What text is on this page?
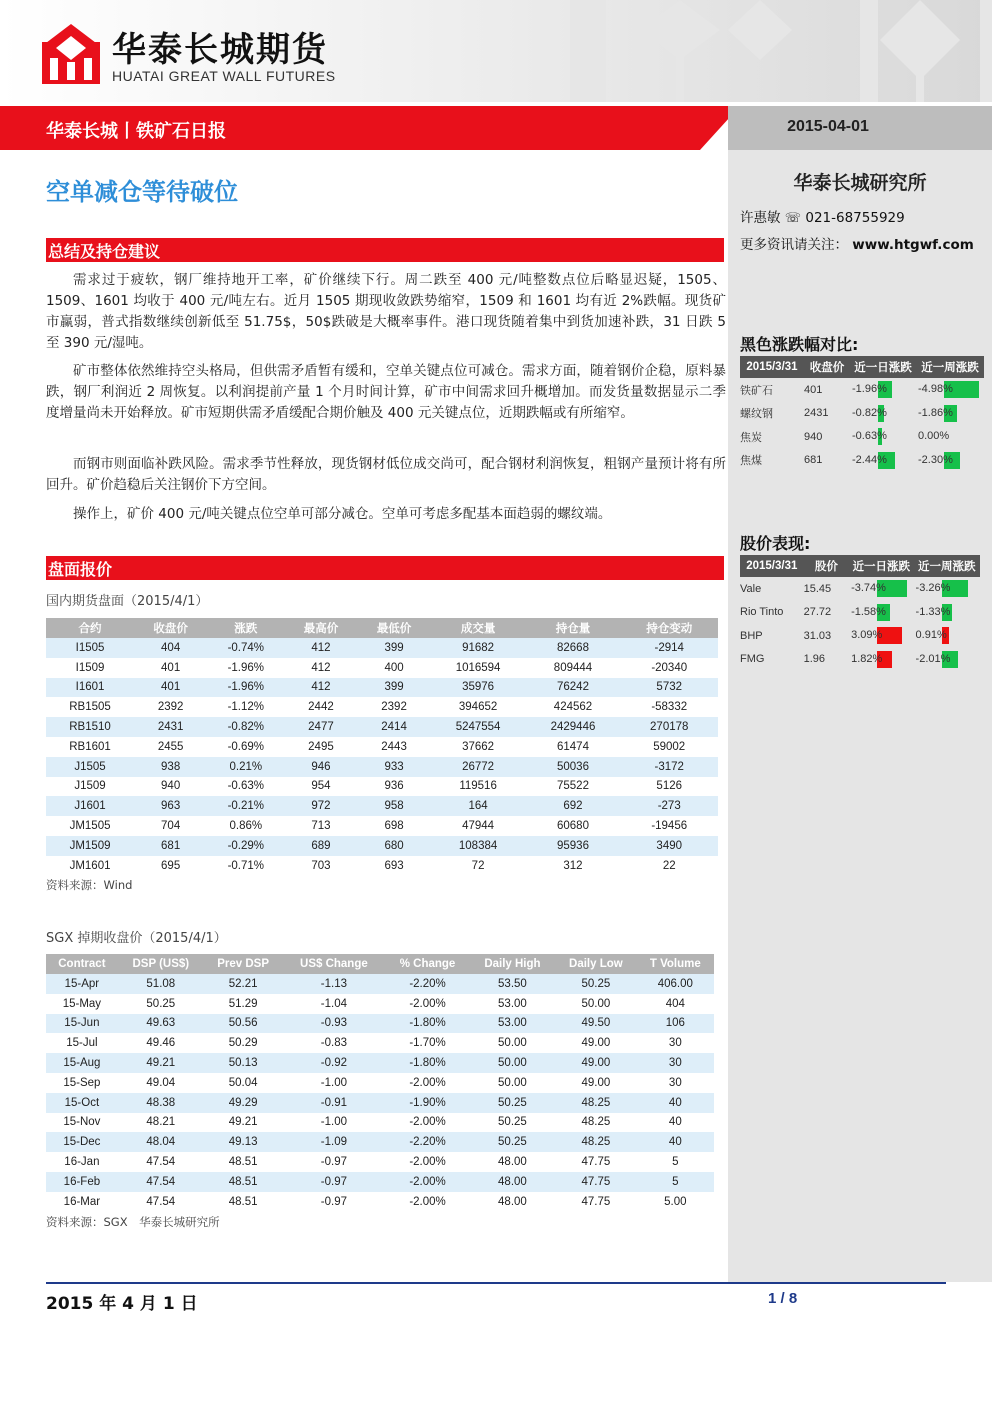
华泰长城期货
HUATAI GREAT WALL FUTURES
华泰长城丨铁矿石日报	2015-04-01
空单减仓等待破位
总结及持仓建议

需求过于疲软，钢厂维持地开工率，矿价继续下行。周二跌至 400 元/吨整数点位后略显迟疑，1505、1509、1601 均收于 400 元/吨左右。近月 1505 期现收敛跌势缩窄，1509 和 1601 均有近 2%跌幅。现货矿市赢弱，普式指数继续创新低至 51.75$，50$跌破是大概率事件。港口现货随着集中到货加速补跌，31 日跌 5 至 390 元/湿吨。

矿市整体依然维持空头格局，但供需矛盾暂有缓和，空单关键点位可减仓。需求方面，随着钢价企稳，原料暴跌，钢厂利润近 2 周恢复。以利润提前产量 1 个月时间计算，矿市中间需求回升概增加。而发货量数据显示二季度增量尚未开始释放。矿市短期供需矛盾缓配合期价触及 400 元关键点位，近期跌幅或有所缩窄。

而钢市则面临补跌风险。需求季节性释放，现货钢材低位成交尚可，配合钢材利润恢复，粗钢产量预计将有所回升。矿价趋稳后关注钢价下方空间。

操作上，矿价 400 元/吨关键点位空单可部分减仓。空单可考虑多配基本面趋弱的螺纹端。

盘面报价
国内期货盘面（2015/4/1）
合约	收盘价	涨跌	最高价	最低价	成交量	持仓量	持仓变动
I1505	404	-0.74%	412	399	91682	82668	-2914
I1509	401	-1.96%	412	400	1016594	809444	-20340
I1601	401	-1.96%	412	399	35976	76242	5732
RB1505	2392	-1.12%	2442	2392	394652	424562	-58332
RB1510	2431	-0.82%	2477	2414	5247554	2429446	270178
RB1601	2455	-0.69%	2495	2443	37662	61474	59002
J1505	938	0.21%	946	933	26772	50036	-3172
J1509	940	-0.63%	954	936	119516	75522	5126
J1601	963	-0.21%	972	958	164	692	-273
JM1505	704	0.86%	713	698	47944	60680	-19456
JM1509	681	-0.29%	689	680	108384	95936	3490
JM1601	695	-0.71%	703	693	72	312	22
资料来源：Wind
SGX 掉期收盘价（2015/4/1）
Contract	DSP (US$)	Prev DSP	US$ Change	% Change	Daily High	Daily Low	T Volume
15-Apr	51.08	52.21	-1.13	-2.20%	53.50	50.25	406.00
15-May	50.25	51.29	-1.04	-2.00%	53.00	50.00	404
15-Jun	49.63	50.56	-0.93	-1.80%	53.00	49.50	106
15-Jul	49.46	50.29	-0.83	-1.70%	50.00	49.00	30
15-Aug	49.21	50.13	-0.92	-1.80%	50.00	49.00	30
15-Sep	49.04	50.04	-1.00	-2.00%	50.00	49.00	30
15-Oct	48.38	49.29	-0.91	-1.90%	50.25	48.25	40
15-Nov	48.21	49.21	-1.00	-2.00%	50.25	48.25	40
15-Dec	48.04	49.13	-1.09	-2.20%	50.25	48.25	40
16-Jan	47.54	48.51	-0.97	-2.00%	48.00	47.75	5
16-Feb	47.54	48.51	-0.97	-2.00%	48.00	47.75	5
16-Mar	47.54	48.51	-0.97	-2.00%	48.00	47.75	5.00
资料来源：SGX　华泰长城研究所
华泰长城研究所
许惠敏 ☏ 021-68755929
更多资讯请关注： www.htgwf.com
黑色涨跌幅对比:
2015/3/31	收盘价	近一日涨跌	近一周涨跌
铁矿石	401	-1.96%	-4.98%

螺纹钢	2431	-0.82%	-1.86%

焦炭	940	-0.63%	0.00%

焦煤	681	-2.44%	-2.30%
股价表现:
2015/3/31	股价	近一日涨跌	近一周涨跌
Vale	15.45	-3.74%	-3.26%

Rio Tinto	27.72	-1.58%	-1.33%

BHP	31.03	3.09%	0.91%

FMG	1.96	1.82%	-2.01%
2015 年 4 月 1 日	1 / 8
